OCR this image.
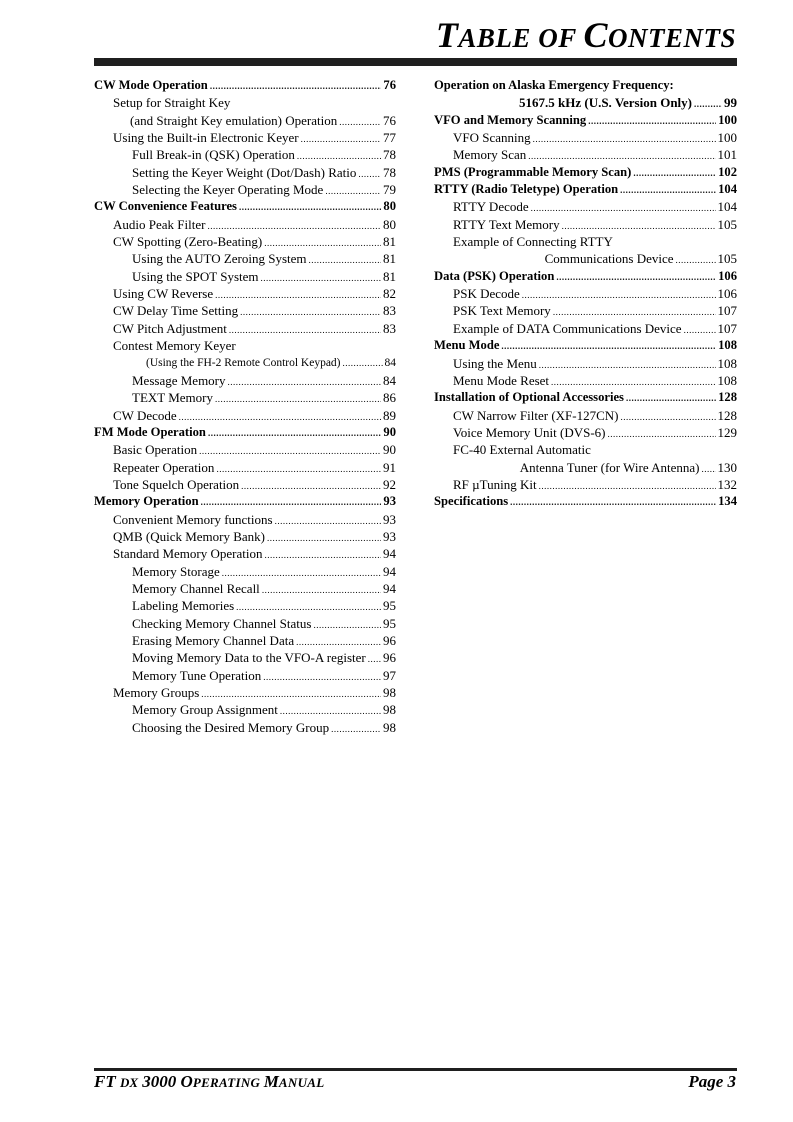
TABLE OF CONTENTS
CW Mode Operation .....	76
Setup for Straight Key
(and Straight Key emulation) Operation .....	76
Using the Built-in Electronic Keyer .....	77
Full Break-in (QSK) Operation .....	78
Setting the Keyer Weight (Dot/Dash) Ratio ..... 78
Selecting the Keyer Operating Mode .....	79
CW Convenience Features .....	80
Audio Peak Filter .....	80
CW Spotting (Zero-Beating) .....	81
Using the AUTO Zeroing System .....	81
Using the SPOT System .....	81
Using CW Reverse .....	82
CW Delay Time Setting .....	83
CW Pitch Adjustment .....	83
Contest Memory Keyer
(Using the FH-2 Remote Control Keypad) .....	84
Message Memory .....	84
TEXT Memory .....	86
CW Decode .....	89
FM Mode Operation .....	90
Basic Operation .....	90
Repeater Operation .....	91
Tone Squelch Operation .....	92
Memory Operation .....	93
Convenient Memory functions .....	93
QMB (Quick Memory Bank) .....	93
Standard Memory Operation .....	94
Memory Storage .....	94
Memory Channel Recall .....	94
Labeling Memories .....	95
Checking Memory Channel Status .....	95
Erasing Memory Channel Data .....	96
Moving Memory Data to the VFO-A register ..... 96
Memory Tune Operation .....	97
Memory Groups .....	98
Memory Group Assignment .....	98
Choosing the Desired Memory Group .....	98
Operation on Alaska Emergency Frequency:
5167.5 kHz (U.S. Version Only) ..... 99
VFO and Memory Scanning .....	100
VFO Scanning .....	100
Memory Scan .....	101
PMS (Programmable Memory Scan) .....	102
RTTY (Radio Teletype) Operation .....	104
RTTY Decode .....	104
RTTY Text Memory .....	105
Example of Connecting RTTY
Communications Device .....	105
Data (PSK) Operation .....	106
PSK Decode .....	106
PSK Text Memory .....	107
Example of DATA Communications Device .....	107
Menu Mode .....	108
Using the Menu .....	108
Menu Mode Reset .....	108
Installation of Optional Accessories .....	128
CW Narrow Filter (XF-127CN) .....	128
Voice Memory Unit (DVS-6) .....	129
FC-40 External Automatic
Antenna Tuner (for Wire Antenna) ..... 130
RF µTuning Kit .....	132
Specifications .....	134
FT DX 3000 OPERATING MANUAL	Page 3
